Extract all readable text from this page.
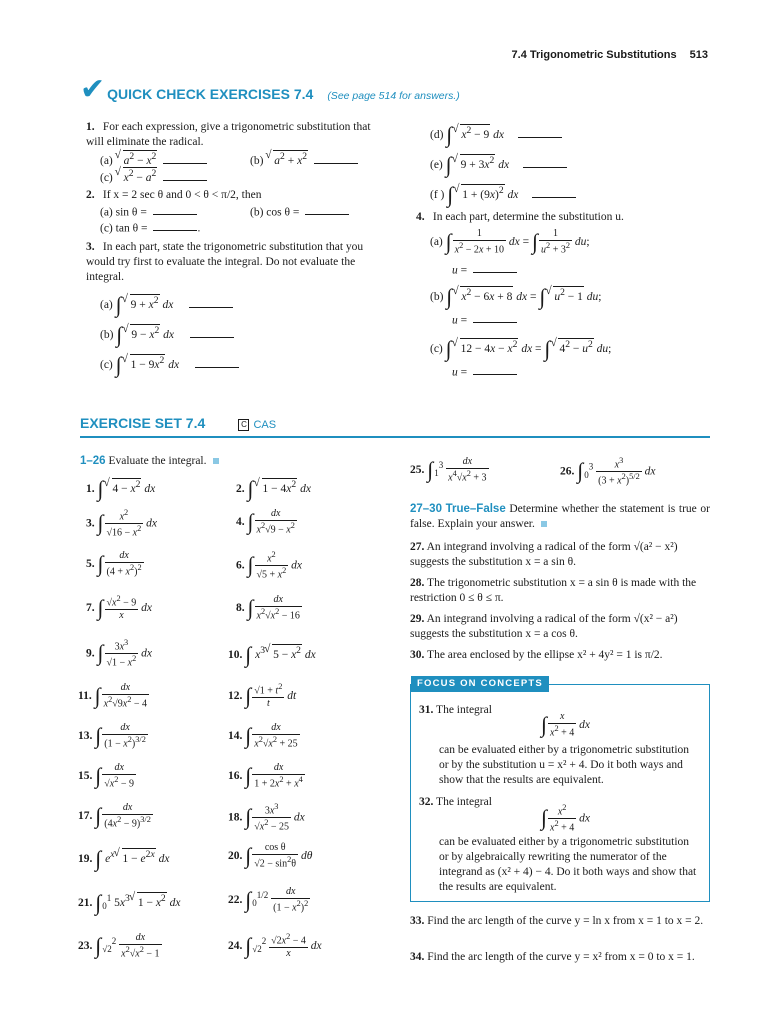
7.4 Trigonometric Substitutions 513
✔ QUICK CHECK EXERCISES 7.4 (See page 514 for answers.)
1. For each expression, give a trigonometric substitution that will eliminate the radical.
(a) √ $a^2 - x^2$	(b) √ $a^2 + x^2$
(c) √ $x^2 - a^2$
2. If x = 2 sec θ and 0 < θ < π/2, then
(a) sin θ =	(b) cos θ =
(c) tan θ =	.
3. In each part, state the trigonometric substitution that you would try first to evaluate the integral. Do not evaluate the integral.
(a) ∫√ $9 + x^2$ dx
(b) ∫√ $9 - x^2$ dx
(c) ∫√ $1 - 9x^2$ dx
(d) ∫√ $x^2 - 9$ dx
(e) ∫√ $9 + 3x^2$ dx
(f ) ∫√ $1 + (9x)^2$ dx
4. In each part, determine the substitution u.
(a) ∫ $\frac{1}{x^2 - 2x + 10}$ dx = ∫ $\frac{1}{u^2 + 3^2}$ du;
u =
(b) ∫√ $x^2 - 6x + 8$ dx = ∫√ $u^2 - 1$ du;
u =
(c) ∫√ $12 - 4x - x^2$ dx = ∫√ $4^2 - u^2$ du;
u =
EXERCISE SET 7.4	C CAS
1–26 Evaluate the integral.
1. ∫√ $4 - x^2$ dx	2. ∫√ $1 - 4x^2$ dx
3. ∫ $\frac{x^2}{√16 - x^2}$ dx	4. ∫ $\frac{dx}{x^2√9 - x^2}$
5. ∫ $\frac{dx}{(4 + x^2)^2}$	6. ∫ $\frac{x^2}{√5 + x^2}$ dx
7. ∫ $\frac{√x^2 - 9}{x}$ dx	8. ∫ $\frac{dx}{x^2√x^2 - 16}$
9. ∫ $\frac{3x^3}{√1 - x^2}$ dx	10. ∫ $x^3√$ $5 - x^2$ dx
11. ∫ $\frac{dx}{x^2√9x^2 - 4}$	12. ∫ $\frac{√1 + t^2}{t}$ dt
13. ∫ $\frac{dx}{(1 - x^2)^{3/2}}$	14. ∫ $\frac{dx}{x^2√x^2 + 25}$
15. ∫ $\frac{dx}{√x^2 - 9}$	16. ∫ $\frac{dx}{1 + 2x^2 + x^4}$
17. ∫ $\frac{dx}{(4x^2 - 9)^{3/2}}$	18. ∫ $\frac{3x^3}{√x^2 - 25}$ dx
19. ∫ $e^x√$ $1 - e^{2x}$ dx	20. ∫ $\frac{\text{cos θ}}{√2 - \sin^2\theta}$ dθ
21. $\int_0^1$ $5x^3√$ $1 - x^2$ dx	22. $\int_0^{1/2} \frac{dx}{(1 - x^2)^2}$
23. $\int_{√2}^2 \frac{dx}{x^2√x^2 - 1}$	24. $\int_{√2}^2 \frac{√2x^2 - 4}{x}$ dx
25. $\int_1^3 \frac{dx}{x^4√x^2 + 3}$	26. $\int_0^3 \frac{x^3}{(3 + x^2)^{5/2}}$ dx
27–30 True–False Determine whether the statement is true or false. Explain your answer.
27. An integrand involving a radical of the form √(a² − x²) suggests the substitution x = a sin θ.
28. The trigonometric substitution x = a sin θ is made with the restriction 0 ≤ θ ≤ π.
29. An integrand involving a radical of the form √(x² − a²) suggests the substitution x = a cos θ.
30. The area enclosed by the ellipse x² + 4y² = 1 is π/2.
FOCUS ON CONCEPTS
31. The integral
∫ $\frac{x}{x^2 + 4}$ dx
can be evaluated either by a trigonometric substitution or by the substitution u = x² + 4. Do it both ways and show that the results are equivalent.
32. The integral
∫ $\frac{x^2}{x^2 + 4}$ dx
can be evaluated either by a trigonometric substitution or by algebraically rewriting the numerator of the integrand as (x² + 4) − 4. Do it both ways and show that the results are equivalent.
33. Find the arc length of the curve y = ln x from x = 1 to x = 2.
34. Find the arc length of the curve y = x² from x = 0 to x = 1.
